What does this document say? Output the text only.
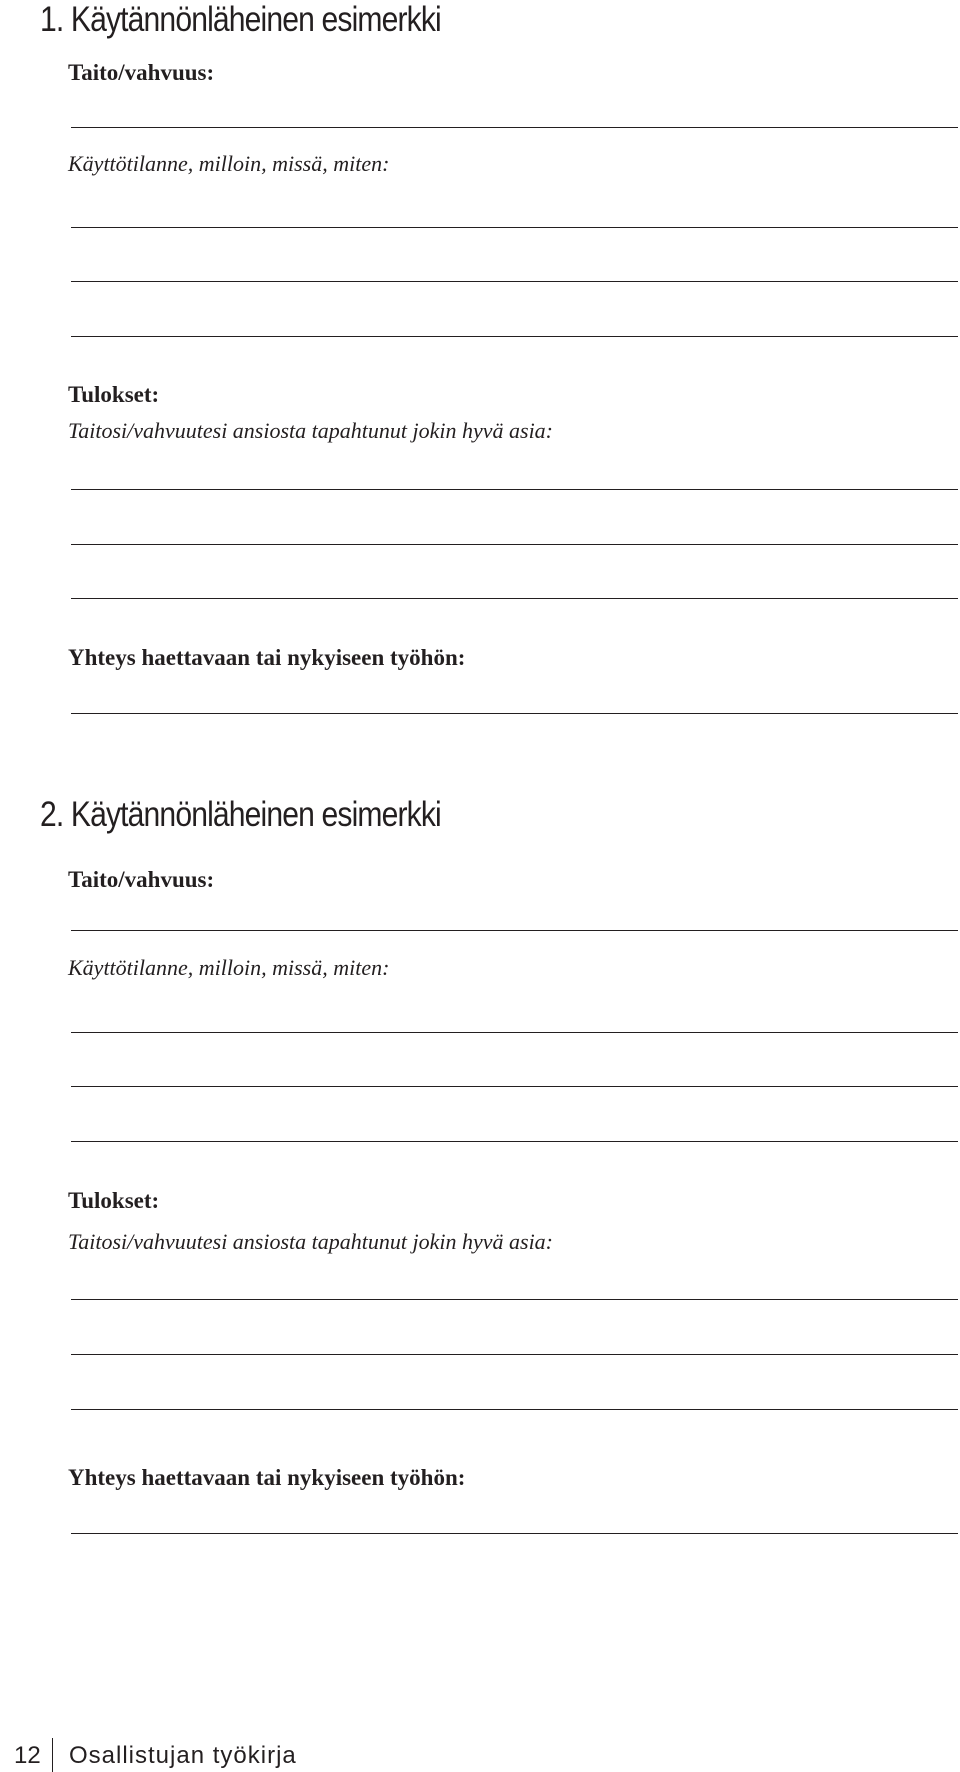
1. Käytännönläheinen esimerkki

Taito/vahvuus:

Käyttötilanne, milloin, missä, miten:

Tulokset:

Taitosi/vahvuutesi ansiosta tapahtunut jokin hyvä asia:

Yhteys haettavaan tai nykyiseen työhön:

2. Käytännönläheinen esimerkki

Taito/vahvuus:

Käyttötilanne, milloin, missä, miten:

Tulokset:

Taitosi/vahvuutesi ansiosta tapahtunut jokin hyvä asia:

Yhteys haettavaan tai nykyiseen työhön:

12 Osallistujan työkirja
